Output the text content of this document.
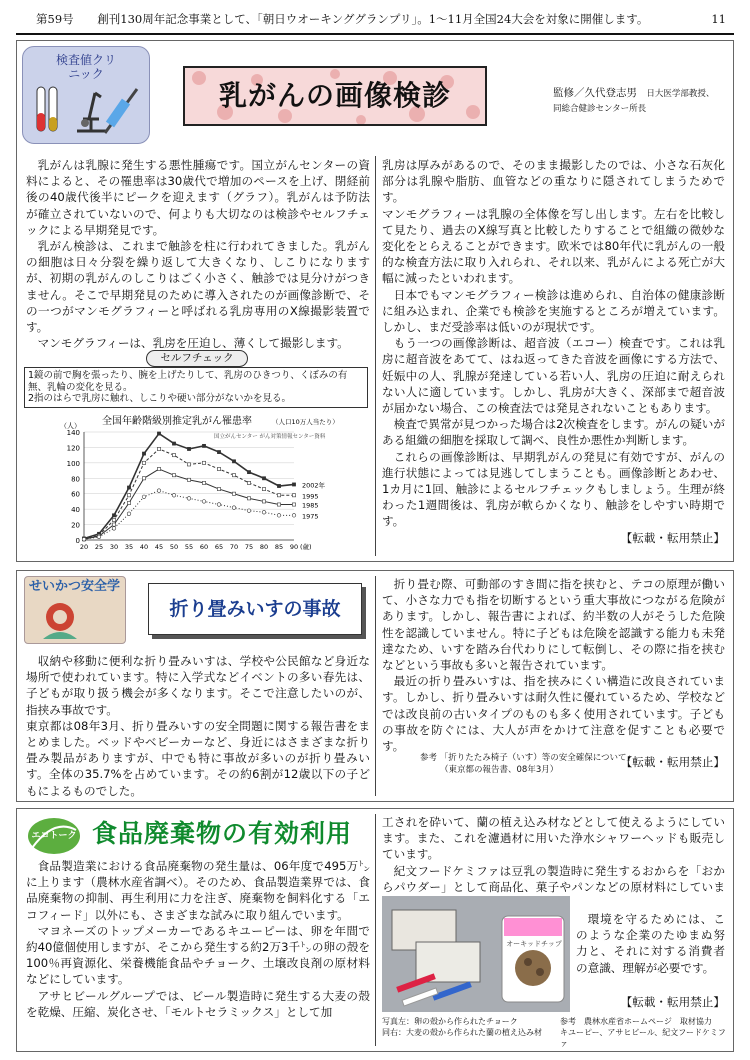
第59号 創刊130周年記念事業として、「朝日ウオーキンググランプリ」。1～11月全国24大会を対象に開催します。	11
検査値クリニック
乳がんの画像検診	監修／久代登志男 日大医学部教授、
同総合健診センター所長

乳がんは乳腺に発生する悪性腫瘍です。国立がんセンターの資料によると、その罹患率は30歳代で増加のペースを上げ、閉経前後の40歳代後半にピークを迎えます（グラフ）。乳がんは予防法が確立されていないので、何よりも大切なのは検診やセルフチェックによる早期発見です。

乳がん検診は、これまで触診を柱に行われてきました。乳がんの細胞は日々分裂を繰り返して大きくなり、しこりになりますが、初期の乳がんのしこりはごく小さく、触診では見分けがつきません。そこで早期発見のために導入されたのが画像診断で、その一つがマンモグラフィーと呼ばれる乳房専用のX線撮影装置です。

マンモグラフィーは、乳房を圧迫し、薄くして撮影します。

セルフチェック
1鏡の前で胸を張ったり、腕を上げたりして、乳房のひきつり、くぼみの有無、乳輪の変化を見る。
2指のはらで乳房に触れ、しこりや硬い部分がないかを見る。
全国年齢階級別推定乳がん罹患率	（人口10万人当たり）
国立がんセンター がん対策情報センター資料
（人）
0
20
40
60
80
100
120
140
20 25 30 35 40 45 50 55 60 65 70 75 80 85 90 (歳)
2002年
1995
1985
1975

乳房は厚みがあるので、そのまま撮影したのでは、小さな石灰化部分は乳腺や脂肪、血管などの重なりに隠されてしまうためです。

マンモグラフィーは乳腺の全体像を写し出します。左右を比較して見たり、過去のX線写真と比較したりすることで組織の微妙な変化をとらえることができます。欧米では80年代に乳がんの一般的な検査方法に取り入れられ、それ以来、乳がんによる死亡が大幅に減ったといわれます。

日本でもマンモグラフィー検診は進められ、自治体の健康診断に組み込まれ、企業でも検診を実施するところが増えています。しかし、まだ受診率は低いのが現状です。

もう一つの画像診断は、超音波（エコー）検査です。これは乳房に超音波をあてて、はね返ってきた音波を画像にする方法で、妊娠中の人、乳腺が発達している若い人、乳房の圧迫に耐えられない人に適しています。しかし、乳房が大きく、深部まで超音波が届かない場合、この検査法では発見されないこともあります。

検査で異常が見つかった場合は2次検査をします。がんの疑いがある組織の細胞を採取して調べ、良性か悪性か判断します。

これらの画像診断は、早期乳がんの発見に有効ですが、がんの進行状態によっては見逃してしまうことも。画像診断とあわせ、1カ月に1回、触診によるセルフチェックもしましょう。生理が終わった1週間後は、乳房が軟らかくなり、触診をしやすい時期です。

【転載・転用禁止】
せいかつ安全学
折り畳みいすの事故

収納や移動に便利な折り畳みいすは、学校や公民館など身近な場所で使われています。特に入学式などイベントの多い春先は、子どもが取り扱う機会が多くなります。そこで注意したいのが、指挟み事故です。

東京都は08年3月、折り畳みいすの安全問題に関する報告書をまとめました。ベッドやベビーカーなど、身近にはさまざまな折り畳み製品がありますが、中でも特に事故が多いのが折り畳みいす。全体の35.7%を占めています。その約6割が12歳以下の子どもによるものでした。

折り畳む際、可動部のすき間に指を挟むと、テコの原理が働いて、小さな力でも指を切断するという重大事故につながる危険があります。しかし、報告書によれば、約半数の人がそうした危険性を認識していません。特に子どもは危険を認識する能力も未発達なため、いすを踏み台代わりにして転倒し、その際に指を挟むなどという事故も多いと報告されています。

最近の折り畳みいすは、指を挟みにくい構造に改良されています。しかし、折り畳みいすは耐久性に優れているため、学校などでは改良前の古いタイプのものも多く使用されています。子どもの事故を防ぐには、大人が声をかけて注意を促すことも必要です。

【転載・転用禁止】
参考 「折りたたみ椅子（いす）等の安全確保について」
（東京都の報告書、08年3月）
エコトーク 食品廃棄物の有効利用

食品製造業における食品廃棄物の発生量は、06年度で495万㌧に上ります（農林水産省調べ）。そのため、食品製造業界では、食品廃棄物の抑制、再生利用に力を注ぎ、廃棄物を飼料化する「エコフィード」以外にも、さまざまな試みに取り組んでいます。

マヨネーズのトップメーカーであるキユーピーは、卵を年間で約40億個使用しますが、そこから発生する約2万3千㌧の卵の殻を100％再資源化、栄養機能食品やチョーク、土壌改良剤の原材料などにしています。

アサヒビールグループでは、ビール製造時に発生する大麦の殻を乾燥、圧縮、炭化させ、「モルトセラミックス」として加

工されを砕いて、蘭の植え込み材などとして使えるようにしています。また、これを濾過材に用いた浄水シャワーヘッドも販売しています。

紀文フードケミファは豆乳の製造時に発生するおからを「おからパウダー」として商品化、菓子やパンなどの原材料にしていま

オーキッドチップ

環境を守るためには、このような企業のたゆまぬ努力と、それに対する消費者の意識、理解が必要です。

【転載・転用禁止】
写真左：卵の殻から作られたチョーク
同右：大麦の殻から作られた蘭の植え込み材
参考　農林水産省ホームページ　取材協力　キユーピー、アサヒビール、紀文フードケミファ
